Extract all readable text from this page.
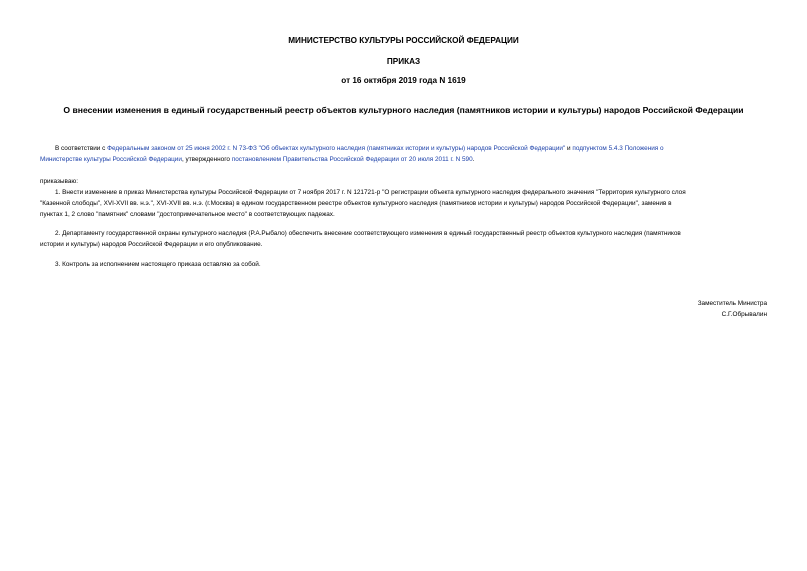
МИНИСТЕРСТВО КУЛЬТУРЫ РОССИЙСКОЙ ФЕДЕРАЦИИ
ПРИКАЗ
от 16 октября 2019 года N 1619
О внесении изменения в единый государственный реестр объектов культурного наследия (памятников истории и культуры) народов Российской Федерации
В соответствии с Федеральным законом от 25 июня 2002 г. N 73-ФЗ "Об объектах культурного наследия (памятниках истории и культуры) народов Российской Федерации" и подпунктом 5.4.3 Положения о
Министерстве культуры Российской Федерации, утвержденного постановлением Правительства Российской Федерации от 20 июля 2011 г. N 590.
приказываю:
1. Внести изменение в приказ Министерства культуры Российской Федерации от 7 ноября 2017 г. N 121721-р "О регистрации объекта культурного наследия федерального значения "Территория культурного слоя
"Казенной слободы", XVI-XVII вв. н.э.", XVI-XVII вв. н.э. (г.Москва) в едином государственном реестре объектов культурного наследия (памятников истории и культуры) народов Российской Федерации", заменив в
пунктах 1, 2 слово "памятник" словами "достопримечательное место" в соответствующих падежах.
2. Департаменту государственной охраны культурного наследия (Р.А.Рыбало) обеспечить внесение соответствующего изменения в единый государственный реестр объектов культурного наследия (памятников
истории и культуры) народов Российской Федерации и его опубликование.
3. Контроль за исполнением настоящего приказа оставляю за собой.
Заместитель Министра
С.Г.Обрывалин
